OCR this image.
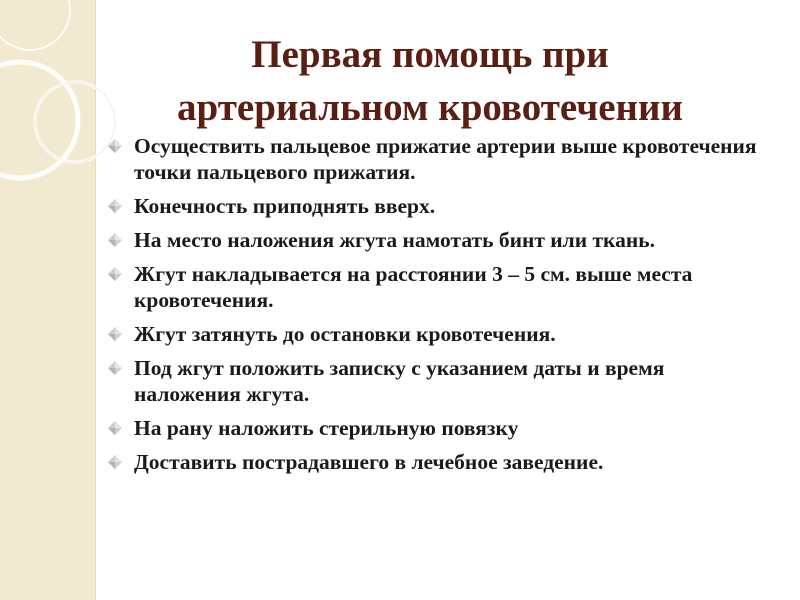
Первая помощь при
артериальном кровотечении
Осуществить пальцевое прижатие артерии выше кровотечения точки пальцевого прижатия.
Конечность приподнять вверх.
На место наложения жгута намотать бинт или ткань.
Жгут накладывается на расстоянии 3 – 5 см. выше места кровотечения.
Жгут затянуть до остановки кровотечения.
Под жгут положить записку с указанием даты и время наложения жгута.
На рану наложить стерильную повязку
Доставить пострадавшего в лечебное заведение.
